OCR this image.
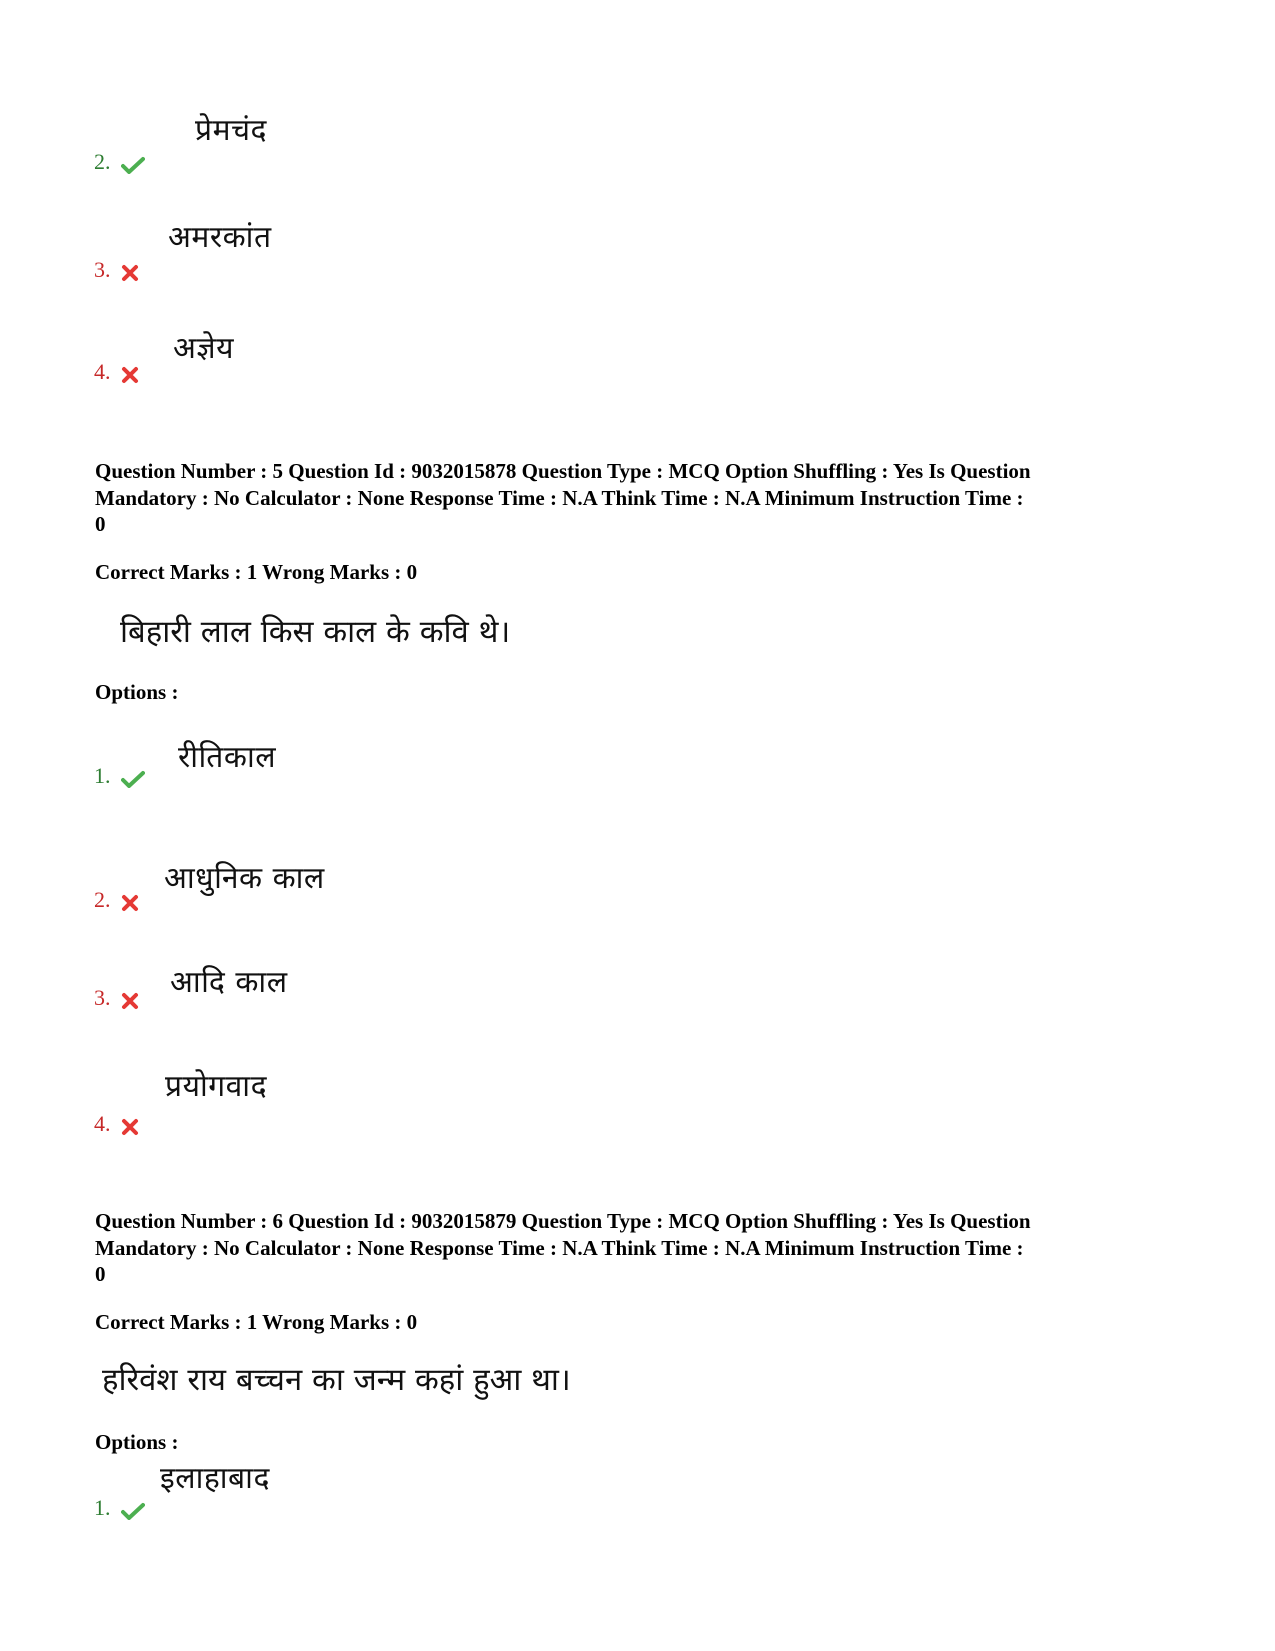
प्रेमचंद
2.
अमरकांत
3.
अज्ञेय
4.
Question Number : 5 Question Id : 9032015878 Question Type : MCQ Option Shuffling : Yes Is Question
Mandatory : No Calculator : None Response Time : N.A Think Time : N.A Minimum Instruction Time :
0
Correct Marks : 1 Wrong Marks : 0
बिहारी लाल किस काल के कवि थे।
Options :
रीतिकाल
1.
आधुनिक काल
2.
आदि काल
3.
प्रयोगवाद
4.
Question Number : 6 Question Id : 9032015879 Question Type : MCQ Option Shuffling : Yes Is Question
Mandatory : No Calculator : None Response Time : N.A Think Time : N.A Minimum Instruction Time :
0
Correct Marks : 1 Wrong Marks : 0
हरिवंश राय बच्चन का जन्म कहां हुआ था।
Options :
इलाहाबाद
1.
